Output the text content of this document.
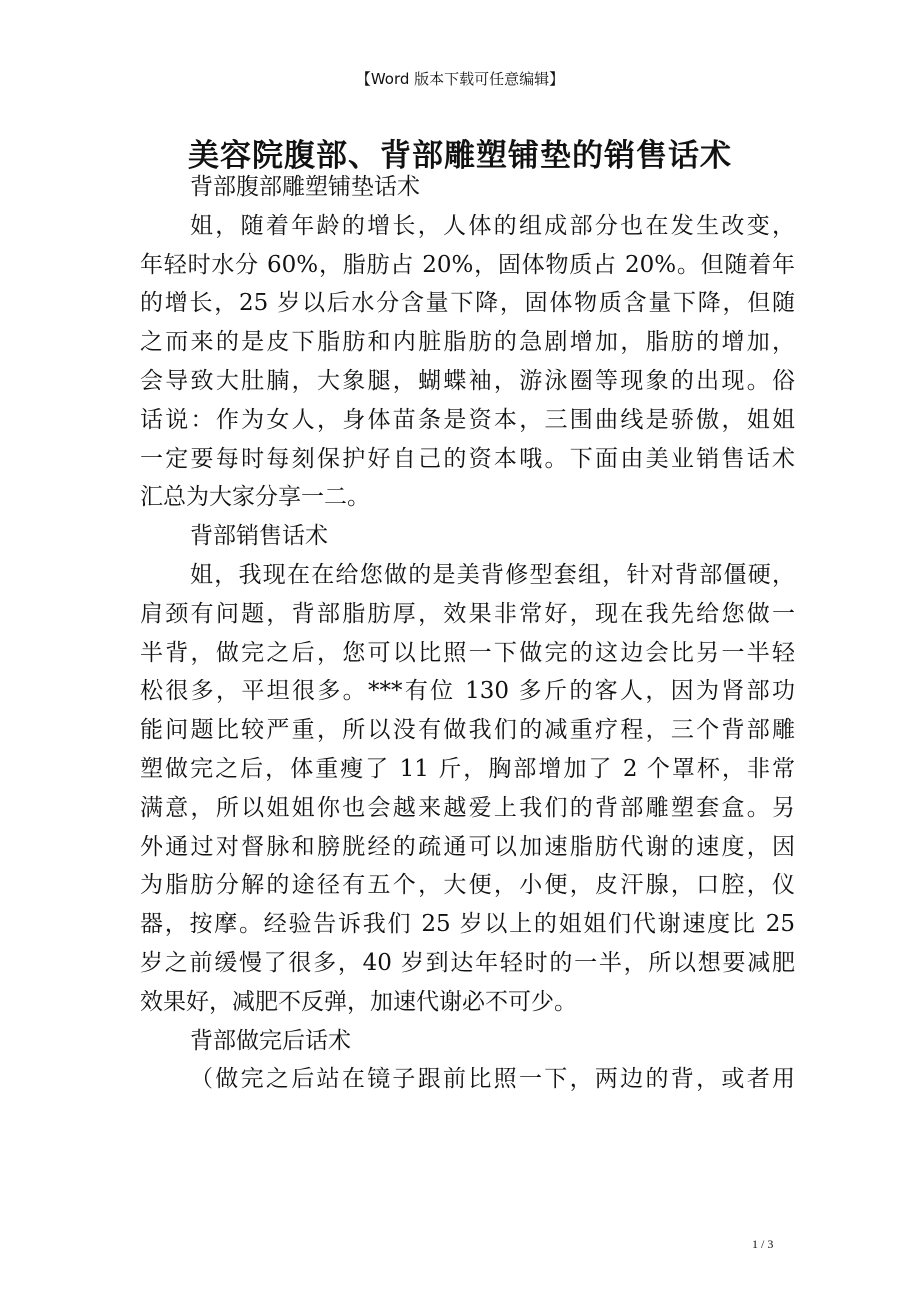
【Word 版本下载可任意编辑】
美容院腹部、背部雕塑铺垫的销售话术
背部腹部雕塑铺垫话术
姐，随着年龄的增长，人体的组成部分也在发生改变，
年轻时水分 60%，脂肪占 20%，固体物质占 20%。但随着年
的增长，25 岁以后水分含量下降，固体物质含量下降，但随
之而来的是皮下脂肪和内脏脂肪的急剧增加，脂肪的增加，
会导致大肚腩，大象腿，蝴蝶袖，游泳圈等现象的出现。俗
话说：作为女人，身体苗条是资本，三围曲线是骄傲，姐姐
一定要每时每刻保护好自己的资本哦。下面由美业销售话术
汇总为大家分享一二。
背部销售话术
姐，我现在在给您做的是美背修型套组，针对背部僵硬，
肩颈有问题，背部脂肪厚，效果非常好，现在我先给您做一
半背，做完之后，您可以比照一下做完的这边会比另一半轻
松很多，平坦很多。***有位 130 多斤的客人，因为肾部功
能问题比较严重，所以没有做我们的减重疗程，三个背部雕
塑做完之后，体重瘦了 11 斤，胸部增加了 2 个罩杯，非常
满意，所以姐姐你也会越来越爱上我们的背部雕塑套盒。另
外通过对督脉和膀胱经的疏通可以加速脂肪代谢的速度，因
为脂肪分解的途径有五个，大便，小便，皮汗腺，口腔，仪
器，按摩。经验告诉我们 25 岁以上的姐姐们代谢速度比 25
岁之前缓慢了很多，40 岁到达年轻时的一半，所以想要减肥
效果好，减肥不反弹，加速代谢必不可少。
背部做完后话术
（做完之后站在镜子跟前比照一下，两边的背，或者用
1 / 3
